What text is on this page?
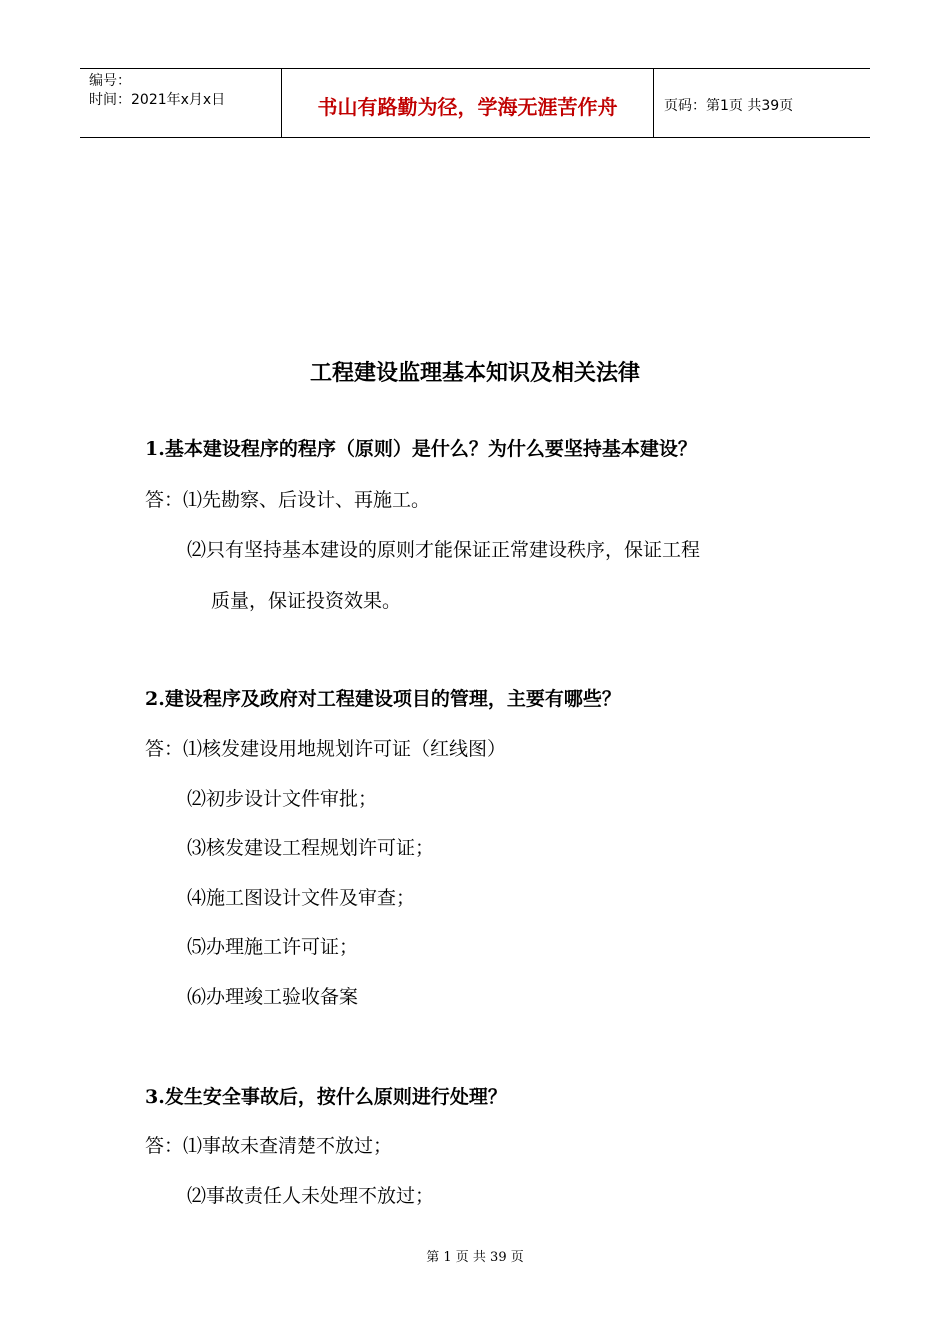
编号：
时间：2021年x月x日	书山有路勤为径，学海无涯苦作舟	页码：第1页 共39页
工程建设监理基本知识及相关法律
1.基本建设程序的程序（原则）是什么？为什么要坚持基本建设？
答：⑴先勘察、后设计、再施工。
⑵只有坚持基本建设的原则才能保证正常建设秩序，保证工程
质量，保证投资效果。
2.建设程序及政府对工程建设项目的管理，主要有哪些？
答：⑴核发建设用地规划许可证（红线图）
⑵初步设计文件审批；
⑶核发建设工程规划许可证；
⑷施工图设计文件及审查；
⑸办理施工许可证；
⑹办理竣工验收备案
3.发生安全事故后，按什么原则进行处理？
答：⑴事故未查清楚不放过；
⑵事故责任人未处理不放过；
第 1 页 共 39 页
